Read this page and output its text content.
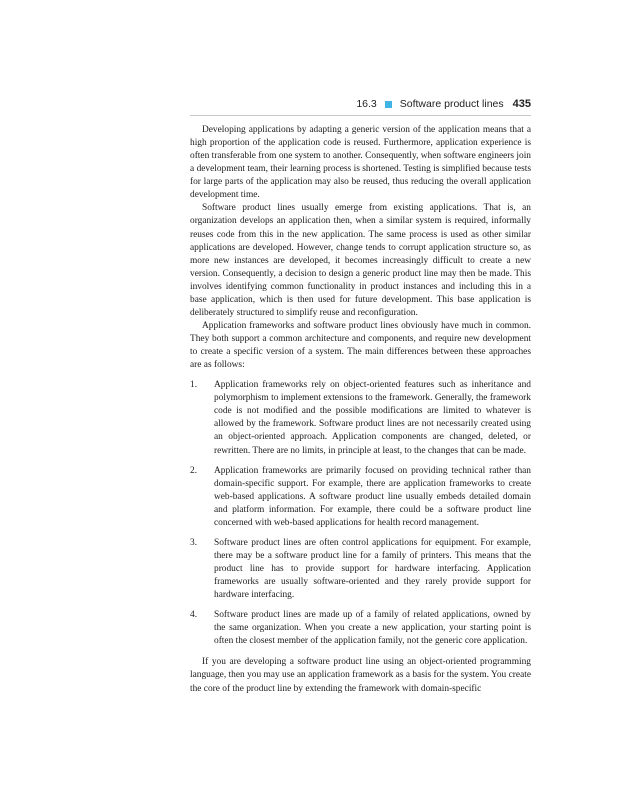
16.3 Software product lines 435

Developing applications by adapting a generic version of the application means that a high proportion of the application code is reused. Furthermore, application experience is often transferable from one system to another. Consequently, when software engineers join a development team, their learning process is shortened. Testing is simplified because tests for large parts of the application may also be reused, thus reducing the overall application development time.

Software product lines usually emerge from existing applications. That is, an organization develops an application then, when a similar system is required, informally reuses code from this in the new application. The same process is used as other similar applications are developed. However, change tends to corrupt application structure so, as more new instances are developed, it becomes increasingly difficult to create a new version. Consequently, a decision to design a generic product line may then be made. This involves identifying common functionality in product instances and including this in a base application, which is then used for future development. This base application is deliberately structured to simplify reuse and reconfiguration.

Application frameworks and software product lines obviously have much in common. They both support a common architecture and components, and require new development to create a specific version of a system. The main differences between these approaches are as follows:

1. Application frameworks rely on object-oriented features such as inheritance and polymorphism to implement extensions to the framework. Generally, the framework code is not modified and the possible modifications are limited to whatever is allowed by the framework. Software product lines are not necessarily created using an object-oriented approach. Application components are changed, deleted, or rewritten. There are no limits, in principle at least, to the changes that can be made.
2. Application frameworks are primarily focused on providing technical rather than domain-specific support. For example, there are application frameworks to create web-based applications. A software product line usually embeds detailed domain and platform information. For example, there could be a software product line concerned with web-based applications for health record management.
3. Software product lines are often control applications for equipment. For example, there may be a software product line for a family of printers. This means that the product line has to provide support for hardware interfacing. Application frameworks are usually software-oriented and they rarely provide support for hardware interfacing.
4. Software product lines are made up of a family of related applications, owned by the same organization. When you create a new application, your starting point is often the closest member of the application family, not the generic core application.

If you are developing a software product line using an object-oriented programming language, then you may use an application framework as a basis for the system. You create the core of the product line by extending the framework with domain-specific
